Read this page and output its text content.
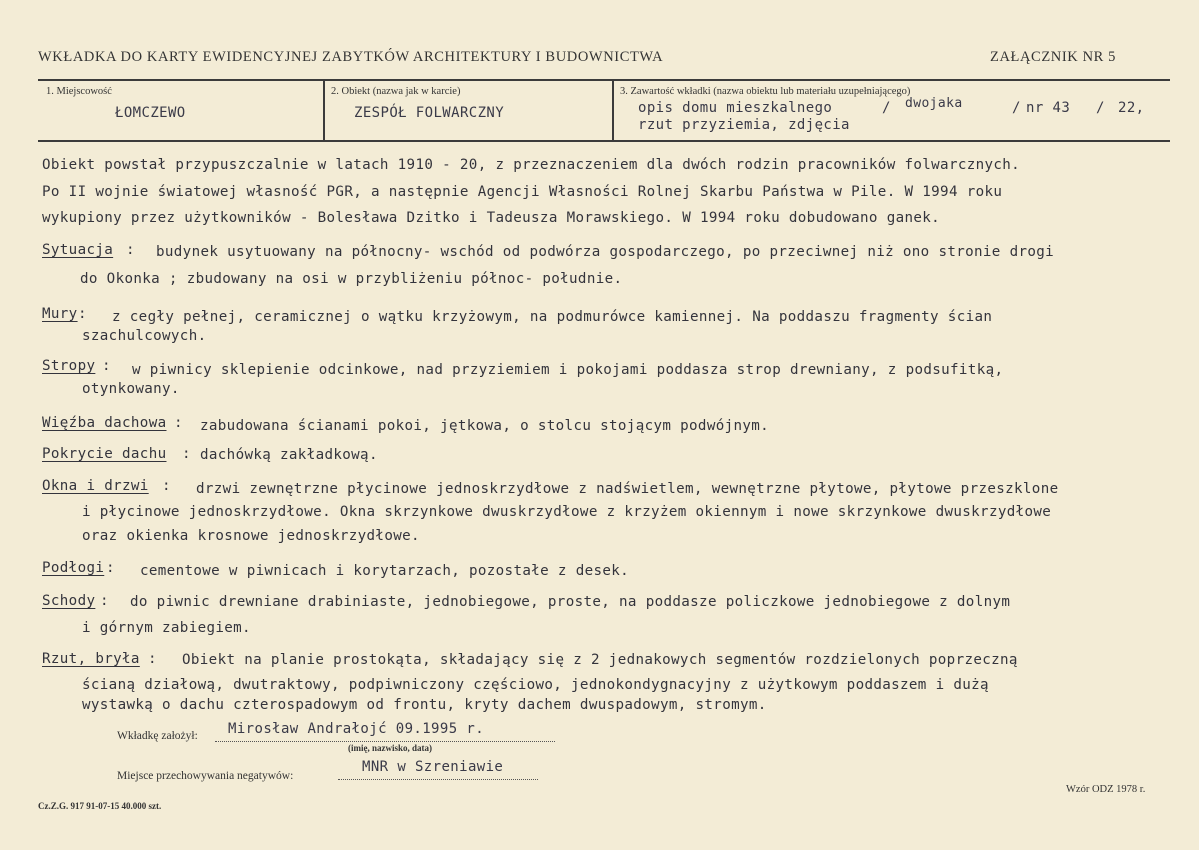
WKŁADKA DO KARTY EWIDENCYJNEJ ZABYTKÓW ARCHITEKTURY I BUDOWNICTWA	ZAŁĄCZNIK NR 5
1. Miejscowość
ŁOMCZEWO
2. Obiekt (nazwa jak w karcie)
ZESPÓŁ FOLWARCZNY
3. Zawartość wkładki (nazwa obiektu lub materiału uzupełniającego)
opis domu mieszkalnego	/ dwojaka	/ nr 43 / 22,
rzut przyziemia, zdjęcia
Obiekt powstał przypuszczalnie w latach 1910 - 20, z przeznaczeniem dla dwóch rodzin pracowników folwarcznych.
Po II wojnie światowej własność PGR, a następnie Agencji Własności Rolnej Skarbu Państwa w Pile. W 1994 roku
wykupiony przez użytkowników - Bolesława Dzitko i Tadeusza Morawskiego. W 1994 roku dobudowano ganek.
Sytuacja : budynek usytuowany na północny- wschód od podwórza gospodarczego, po przeciwnej niż ono stronie drogi
do Okonka ; zbudowany na osi w przybliżeniu północ- południe.
Mury : z cegły pełnej, ceramicznej o wątku krzyżowym, na podmurówce kamiennej. Na poddaszu fragmenty ścian
szachulcowych.
Stropy : w piwnicy sklepienie odcinkowe, nad przyziemiem i pokojami poddasza strop drewniany, z podsufitką,
otynkowany.
Więźba dachowa : zabudowana ścianami pokoi, jętkowa, o stolcu stojącym podwójnym.
Pokrycie dachu : dachówką zakładkową.
Okna i drzwi : drzwi zewnętrzne płycinowe jednoskrzydłowe z nadświetlem, wewnętrzne płytowe, płytowe przeszklone
i płycinowe jednoskrzydłowe. Okna skrzynkowe dwuskrzydłowe z krzyżem okiennym i nowe skrzynkowe dwuskrzydłowe
oraz okienka krosnowe jednoskrzydłowe.
Podłogi : cementowe w piwnicach i korytarzach, pozostałe z desek.
Schody : do piwnic drewniane drabiniaste, jednobiegowe, proste, na poddasze policzkowe jednobiegowe z dolnym
i górnym zabiegiem.
Rzut, bryła : Obiekt na planie prostokąta, składający się z 2 jednakowych segmentów rozdzielonych poprzeczną
ścianą działową, dwutraktowy, podpiwniczony częściowo, jednokondygnacyjny z użytkowym poddaszem i dużą
wystawką o dachu czterospadowym od frontu, kryty dachem dwuspadowym, stromym.
Wkładkę założył: Mirosław Andrałojć 09.1995 r.
(imię, nazwisko, data)
Miejsce przechowywania negatywów:
MNR w Szreniawie
Cz.Z.G. 917 91-07-15 40.000 szt.
Wzór ODZ 1978 r.
